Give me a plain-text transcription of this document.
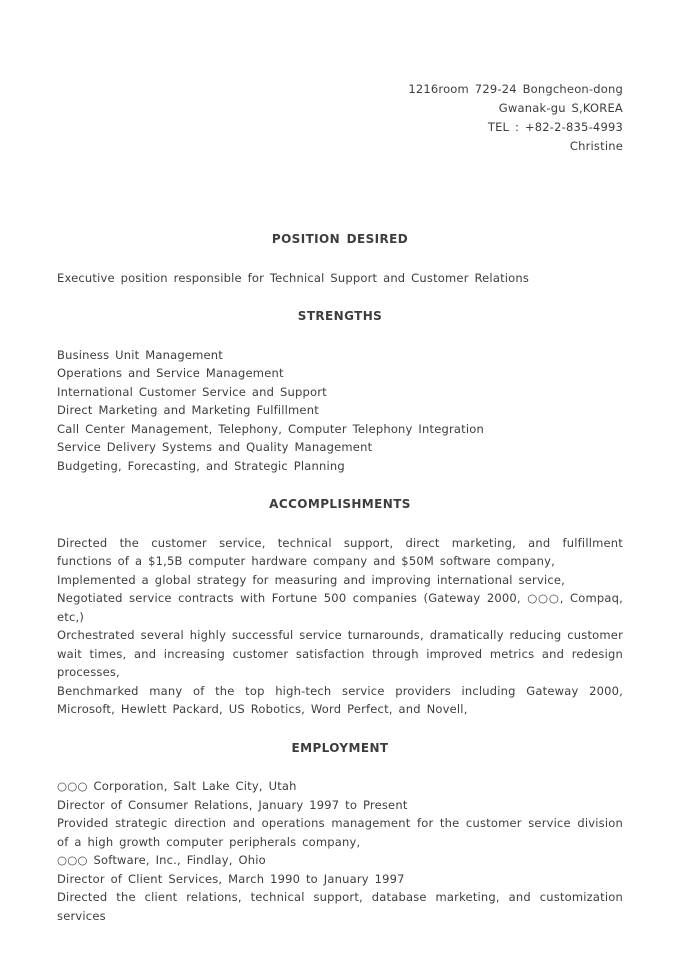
1216room 729-24 Bongcheon-dong
Gwanak-gu S,KOREA
TEL : +82-2-835-4993
Christine
POSITION DESIRED
Executive position responsible for Technical Support and Customer Relations
STRENGTHS
Business Unit Management
Operations and Service Management
International Customer Service and Support
Direct Marketing and Marketing Fulfillment
Call Center Management, Telephony, Computer Telephony Integration
Service Delivery Systems and Quality Management
Budgeting, Forecasting, and Strategic Planning
ACCOMPLISHMENTS
Directed the customer service, technical support, direct marketing, and fulfillment functions of a $1,5B computer hardware company and $50M software company,
Implemented a global strategy for measuring and improving international service,
Negotiated service contracts with Fortune 500 companies (Gateway 2000, ○○○, Compaq, etc,)
Orchestrated several highly successful service turnarounds, dramatically reducing customer wait times, and increasing customer satisfaction through improved metrics and redesign processes,
Benchmarked many of the top high-tech service providers including Gateway 2000, Microsoft, Hewlett Packard, US Robotics, Word Perfect, and Novell,
EMPLOYMENT
○○○ Corporation, Salt Lake City, Utah
Director of Consumer Relations, January 1997 to Present
Provided strategic direction and operations management for the customer service division of a high growth computer peripherals company,
○○○ Software, Inc., Findlay, Ohio
Director of Client Services, March 1990 to January 1997
Directed the client relations, technical support, database marketing, and customization services
